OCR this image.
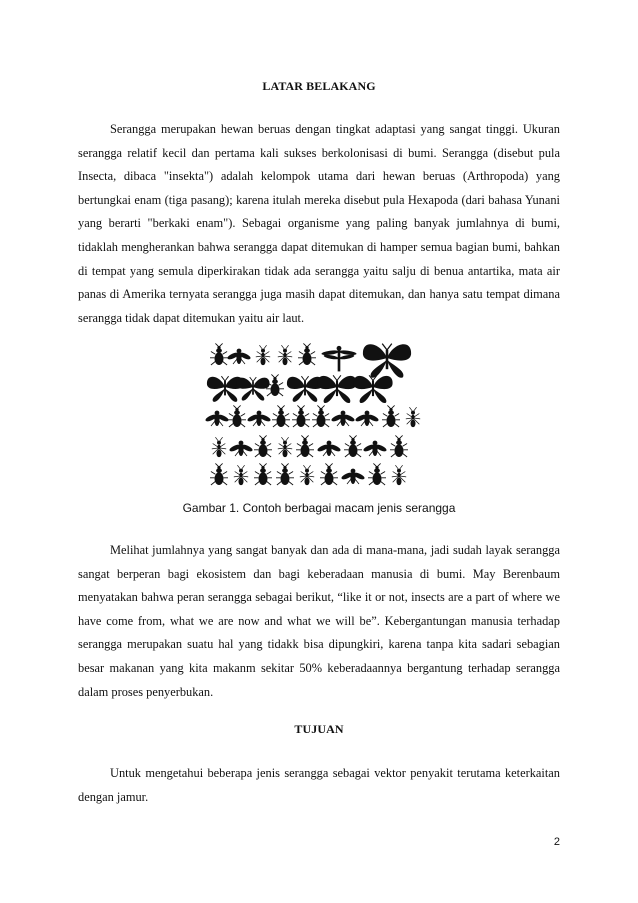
LATAR BELAKANG

Serangga merupakan hewan beruas dengan tingkat adaptasi yang sangat tinggi. Ukuran serangga relatif kecil dan pertama kali sukses berkolonisasi di bumi. Serangga (disebut pula Insecta, dibaca "insekta") adalah kelompok utama dari hewan beruas (Arthropoda) yang bertungkai enam (tiga pasang); karena itulah mereka disebut pula Hexapoda (dari bahasa Yunani yang berarti "berkaki enam"). Sebagai organisme yang paling banyak jumlahnya di bumi, tidaklah mengherankan bahwa serangga dapat ditemukan di hamper semua bagian bumi, bahkan di tempat yang semula diperkirakan tidak ada serangga yaitu salju di benua antartika, mata air panas di Amerika ternyata serangga juga masih dapat ditemukan, dan hanya satu tempat dimana serangga tidak dapat ditemukan yaitu air laut.

Gambar 1. Contoh berbagai macam jenis serangga

Melihat jumlahnya yang sangat banyak dan ada di mana-mana, jadi sudah layak serangga sangat berperan bagi ekosistem dan bagi keberadaan manusia di bumi. May Berenbaum menyatakan bahwa peran serangga sebagai berikut, “like it or not, insects are a part of where we have come from, what we are now and what we will be”. Kebergantungan manusia terhadap serangga merupakan suatu hal yang tidakk bisa dipungkiri, karena tanpa kita sadari sebagian besar makanan yang kita makanm sekitar 50% keberadaannya bergantung terhadap serangga dalam proses penyerbukan.

TUJUAN

Untuk mengetahui beberapa jenis serangga sebagai vektor penyakit terutama keterkaitan dengan jamur.

2
